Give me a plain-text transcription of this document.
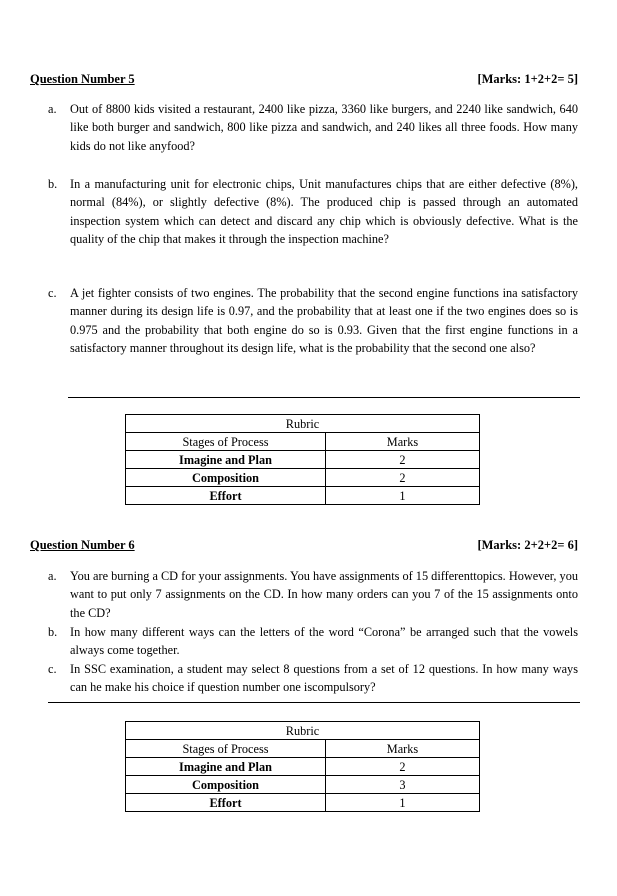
Question Number 5	[Marks: 1+2+2= 5]
a. Out of 8800 kids visited a restaurant, 2400 like pizza, 3360 like burgers, and 2240 like sandwich, 640 like both burger and sandwich, 800 like pizza and sandwich, and 240 likes all three foods. How many kids do not like anyfood?
b. In a manufacturing unit for electronic chips, Unit manufactures chips that are either defective (8%), normal (84%), or slightly defective (8%). The produced chip is passed through an automated inspection system which can detect and discard any chip which is obviously defective. What is the quality of the chip that makes it through the inspection machine?
c. A jet fighter consists of two engines. The probability that the second engine functions ina satisfactory manner during its design life is 0.97, and the probability that at least one if the two engines does so is 0.975 and the probability that both engine do so is 0.93. Given that the first engine functions in a satisfactory manner throughout its design life, what is the probability that the second one also?
Rubric	
Stages of Process	Marks
Imagine and Plan	2
Composition	2
Effort	1
Question Number 6	[Marks: 2+2+2= 6]
a. You are burning a CD for your assignments. You have assignments of 15 differenttopics. However, you want to put only 7 assignments on the CD. In how many orders can you 7 of the 15 assignments onto the CD?
b. In how many different ways can the letters of the word “Corona” be arranged such that the vowels always come together.
c. In SSC examination, a student may select 8 questions from a set of 12 questions. In how many ways can he make his choice if question number one iscompulsory?
Rubric	
Stages of Process	Marks
Imagine and Plan	2
Composition	3
Effort	1
